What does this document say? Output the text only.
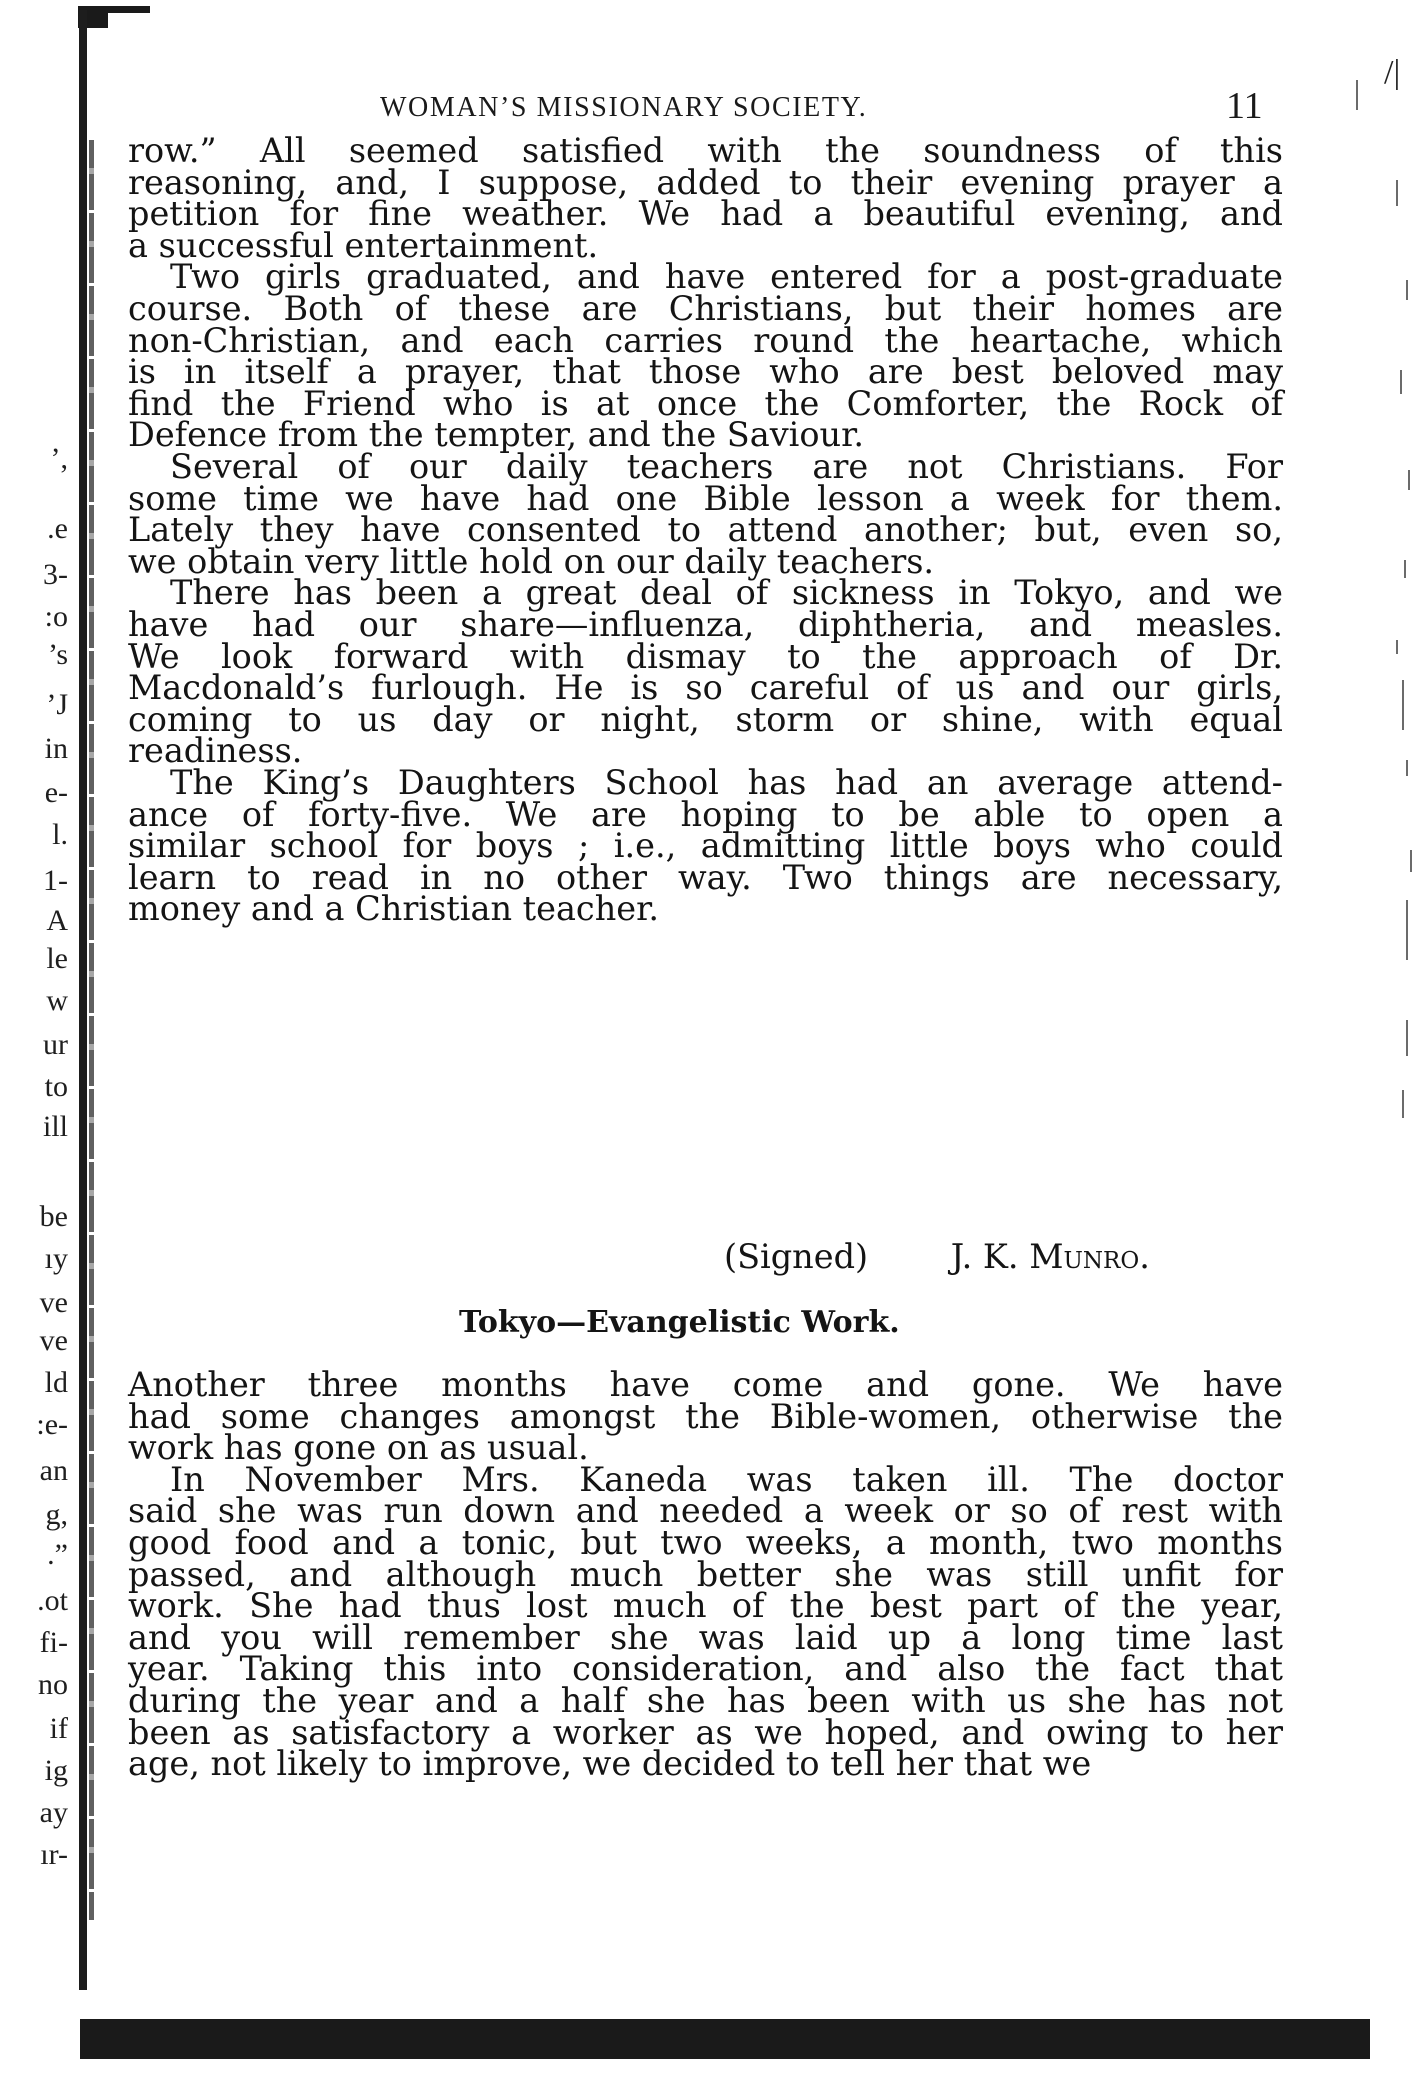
’,
.e
3-
:o
’s
’J
in
e-
l.
1-
A
le
w
ur
to
ill
be
ıy
ve
ve
ld
:e-
an
g,
.”
.ot
fi-
no
if
ig
ay
ır-
/|
WOMAN’S MISSIONARY SOCIETY.	11
row.” All seemed satisfied with the soundness of this
reasoning, and, I suppose, added to their evening prayer a
petition for fine weather. We had a beautiful evening, and
a successful entertainment.
Two girls graduated, and have entered for a post-graduate
course. Both of these are Christians, but their homes are
non-Christian, and each carries round the heartache, which
is in itself a prayer, that those who are best beloved may
find the Friend who is at once the Comforter, the Rock of
Defence from the tempter, and the Saviour.
Several of our daily teachers are not Christians. For
some time we have had one Bible lesson a week for them.
Lately they have consented to attend another; but, even so,
we obtain very little hold on our daily teachers.
There has been a great deal of sickness in Tokyo, and we
have had our share—influenza, diphtheria, and measles.
We look forward with dismay to the approach of Dr.
Macdonald’s furlough. He is so careful of us and our girls,
coming to us day or night, storm or shine, with equal
readiness.
The King’s Daughters School has had an average attend-
ance of forty-five. We are hoping to be able to open a
similar school for boys ; i.e., admitting little boys who could
learn to read in no other way. Two things are necessary,
money and a Christian teacher.
(Signed) J. K. Munro.
Tokyo—Evangelistic Work.
Another three months have come and gone. We have
had some changes amongst the Bible-women, otherwise the
work has gone on as usual.
In November Mrs. Kaneda was taken ill. The doctor
said she was run down and needed a week or so of rest with
good food and a tonic, but two weeks, a month, two months
passed, and although much better she was still unfit for
work. She had thus lost much of the best part of the year,
and you will remember she was laid up a long time last
year. Taking this into consideration, and also the fact that
during the year and a half she has been with us she has not
been as satisfactory a worker as we hoped, and owing to her
age, not likely to improve, we decided to tell her that we
